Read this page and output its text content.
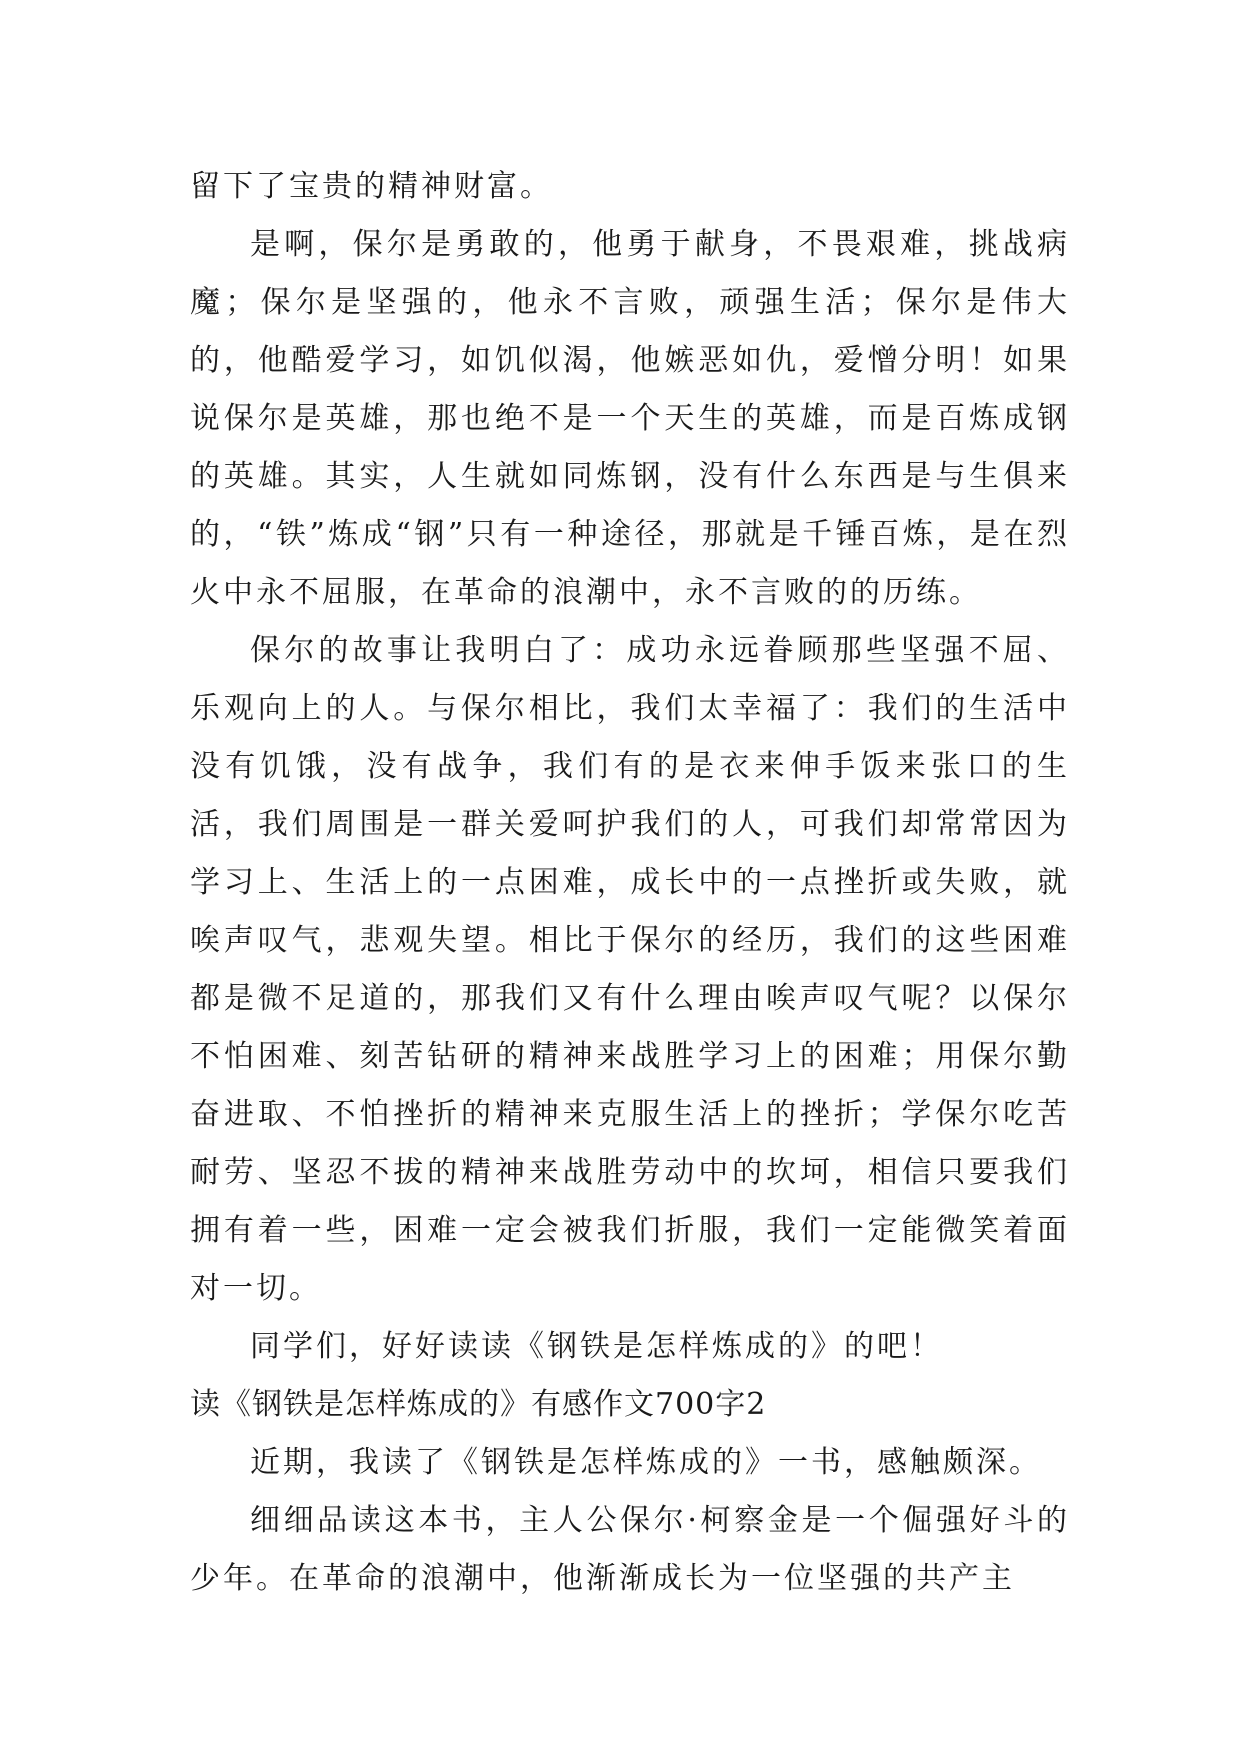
留下了宝贵的精神财富。

是啊，保尔是勇敢的，他勇于献身，不畏艰难，挑战病魔；保尔是坚强的，他永不言败，顽强生活；保尔是伟大的，他酷爱学习，如饥似渴，他嫉恶如仇，爱憎分明！如果说保尔是英雄，那也绝不是一个天生的英雄，而是百炼成钢的英雄。其实，人生就如同炼钢，没有什么东西是与生俱来的，“铁”炼成“钢”只有一种途径，那就是千锤百炼，是在烈火中永不屈服，在革命的浪潮中，永不言败的的历练。

保尔的故事让我明白了：成功永远眷顾那些坚强不屈、乐观向上的人。与保尔相比，我们太幸福了：我们的生活中没有饥饿，没有战争，我们有的是衣来伸手饭来张口的生活，我们周围是一群关爱呵护我们的人，可我们却常常因为学习上、生活上的一点困难，成长中的一点挫折或失败，就唉声叹气，悲观失望。相比于保尔的经历，我们的这些困难都是微不足道的，那我们又有什么理由唉声叹气呢？以保尔不怕困难、刻苦钻研的精神来战胜学习上的困难；用保尔勤奋进取、不怕挫折的精神来克服生活上的挫折；学保尔吃苦耐劳、坚忍不拔的精神来战胜劳动中的坎坷，相信只要我们拥有着一些，困难一定会被我们折服，我们一定能微笑着面对一切。

同学们，好好读读《钢铁是怎样炼成的》的吧！

读《钢铁是怎样炼成的》有感作文700字2

近期，我读了《钢铁是怎样炼成的》一书，感触颇深。

细细品读这本书，主人公保尔·柯察金是一个倔强好斗的少年。在革命的浪潮中，他渐渐成长为一位坚强的共产主
